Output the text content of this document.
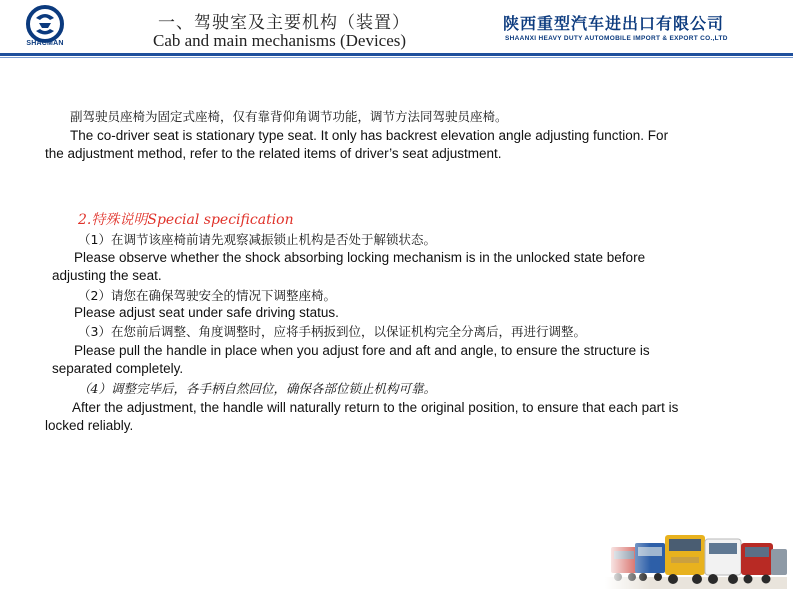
SHACMAN
一、驾驶室及主要机构（装置）
Cab and main mechanisms (Devices)
陕西重型汽车进出口有限公司
SHAANXI HEAVY DUTY AUTOMOBILE IMPORT & EXPORT CO.,LTD
副驾驶员座椅为固定式座椅，仅有靠背仰角调节功能，调节方法同驾驶员座椅。
The co-driver seat is stationary type seat. It only has backrest elevation angle adjusting function. For
the adjustment method, refer to the related items of driver’s seat adjustment.
2.特殊说明Special specification
（1）在调节该座椅前请先观察减振锁止机构是否处于解锁状态。
Please observe whether the shock absorbing locking mechanism is in the unlocked state before
adjusting the seat.
（2）请您在确保驾驶安全的情况下调整座椅。
Please adjust seat under safe driving status.
（3）在您前后调整、角度调整时，应将手柄扳到位，以保证机构完全分离后，再进行调整。
Please pull the handle in place when you adjust fore and aft and angle, to ensure the structure is
separated completely.
（4）调整完毕后，各手柄自然回位，确保各部位锁止机构可靠。
After the adjustment, the handle will naturally return to the original position, to ensure that each part is
locked reliably.
